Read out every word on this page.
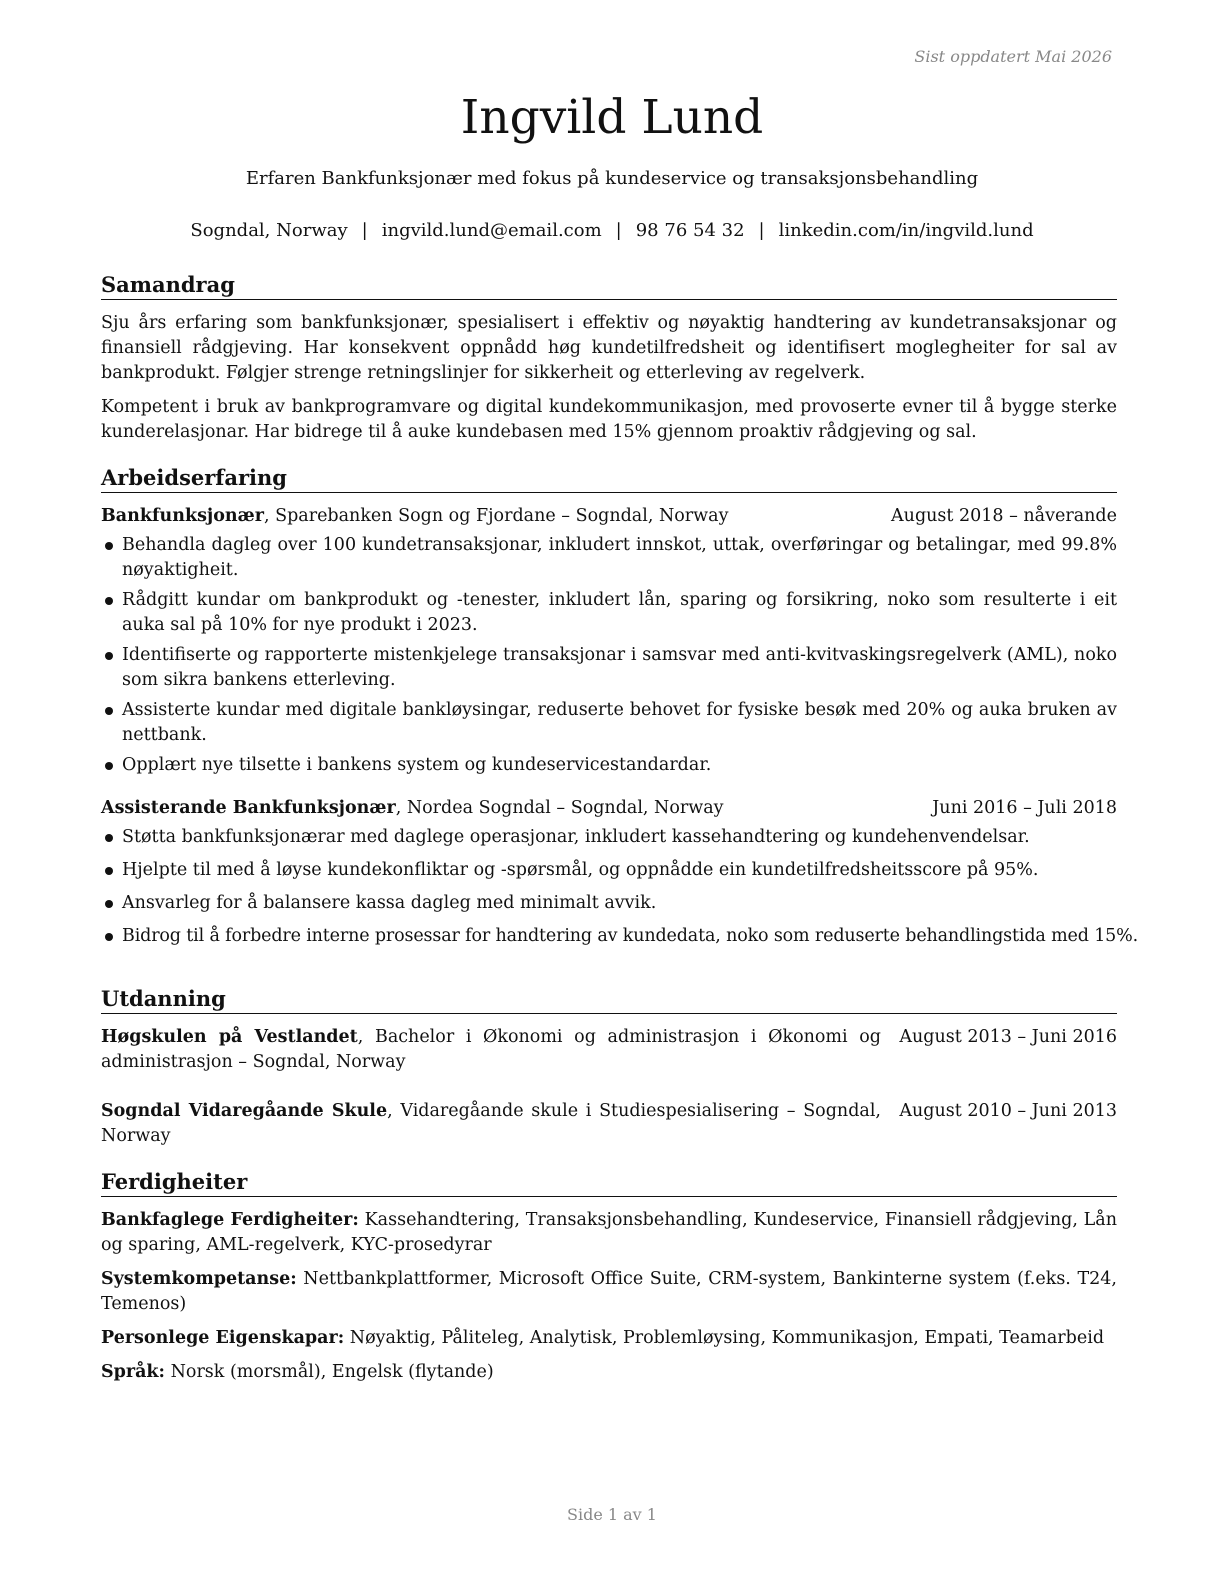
Sist oppdatert Mai 2026
Ingvild Lund
Erfaren Bankfunksjonær med fokus på kundeservice og transaksjonsbehandling
Sogndal, Norway | ingvild.lund@email.com | 98 76 54 32 | linkedin.com/in/ingvild.lund
Samandrag

Sju års erfaring som bankfunksjonær, spesialisert i effektiv og nøyaktig handtering av kundetransaksjonar og finansiell rådgjeving. Har konsekvent oppnådd høg kundetilfredsheit og identifisert moglegheiter for sal av bankprodukt. Følgjer strenge retningslinjer for sikkerheit og etterleving av regelverk.

Kompetent i bruk av bankprogramvare og digital kundekommunikasjon, med provoserte evner til å bygge sterke kunderelasjonar. Har bidrege til å auke kundebasen med 15% gjennom proaktiv rådgjeving og sal.

Arbeidserfaring
Bankfunksjonær, Sparebanken Sogn og Fjordane – Sogndal, Norway	August 2018 – nåverande
Behandla dagleg over 100 kundetransaksjonar, inkludert innskot, uttak, overføringar og betalingar, med 99.8% nøyaktigheit.
Rådgitt kundar om bankprodukt og -tenester, inkludert lån, sparing og forsikring, noko som resulterte i eit auka sal på 10% for nye produkt i 2023.
Identifiserte og rapporterte mistenkjelege transaksjonar i samsvar med anti-kvitvaskingsregelverk (AML), noko som sikra bankens etterleving.
Assisterte kundar med digitale bankløysingar, reduserte behovet for fysiske besøk med 20% og auka bruken av nettbank.
Opplært nye tilsette i bankens system og kundeservicestandardar.
Assisterande Bankfunksjonær, Nordea Sogndal – Sogndal, Norway	Juni 2016 – Juli 2018
Støtta bankfunksjonærar med daglege operasjonar, inkludert kassehandtering og kundehenvendelsar.
Hjelpte til med å løyse kundekonfliktar og -spørsmål, og oppnådde ein kundetilfredsheitsscore på 95%.
Ansvarleg for å balansere kassa dagleg med minimalt avvik.
Bidrog til å forbedre interne prosessar for handtering av kundedata, noko som reduserte behandlingstida med 15%.
Utdanning
Høgskulen på Vestlandet, Bachelor i Økonomi og administrasjon i Økonomi og administrasjon – Sogndal, Norway
August 2013 – Juni 2016
Sogndal Vidaregåande Skule, Vidaregåande skule i Studiespesialisering – Sogndal, Norway
August 2010 – Juni 2013
Ferdigheiter

Bankfaglege Ferdigheiter: Kassehandtering, Transaksjonsbehandling, Kundeservice, Finansiell rådgjeving, Lån og sparing, AML-regelverk, KYC-prosedyrar

Systemkompetanse: Nettbankplattformer, Microsoft Office Suite, CRM-system, Bankinterne system (f.eks. T24, Temenos)

Personlege Eigenskapar: Nøyaktig, Påliteleg, Analytisk, Problemløysing, Kommunikasjon, Empati, Teamarbeid

Språk: Norsk (morsmål), Engelsk (flytande)

Side 1 av 1
